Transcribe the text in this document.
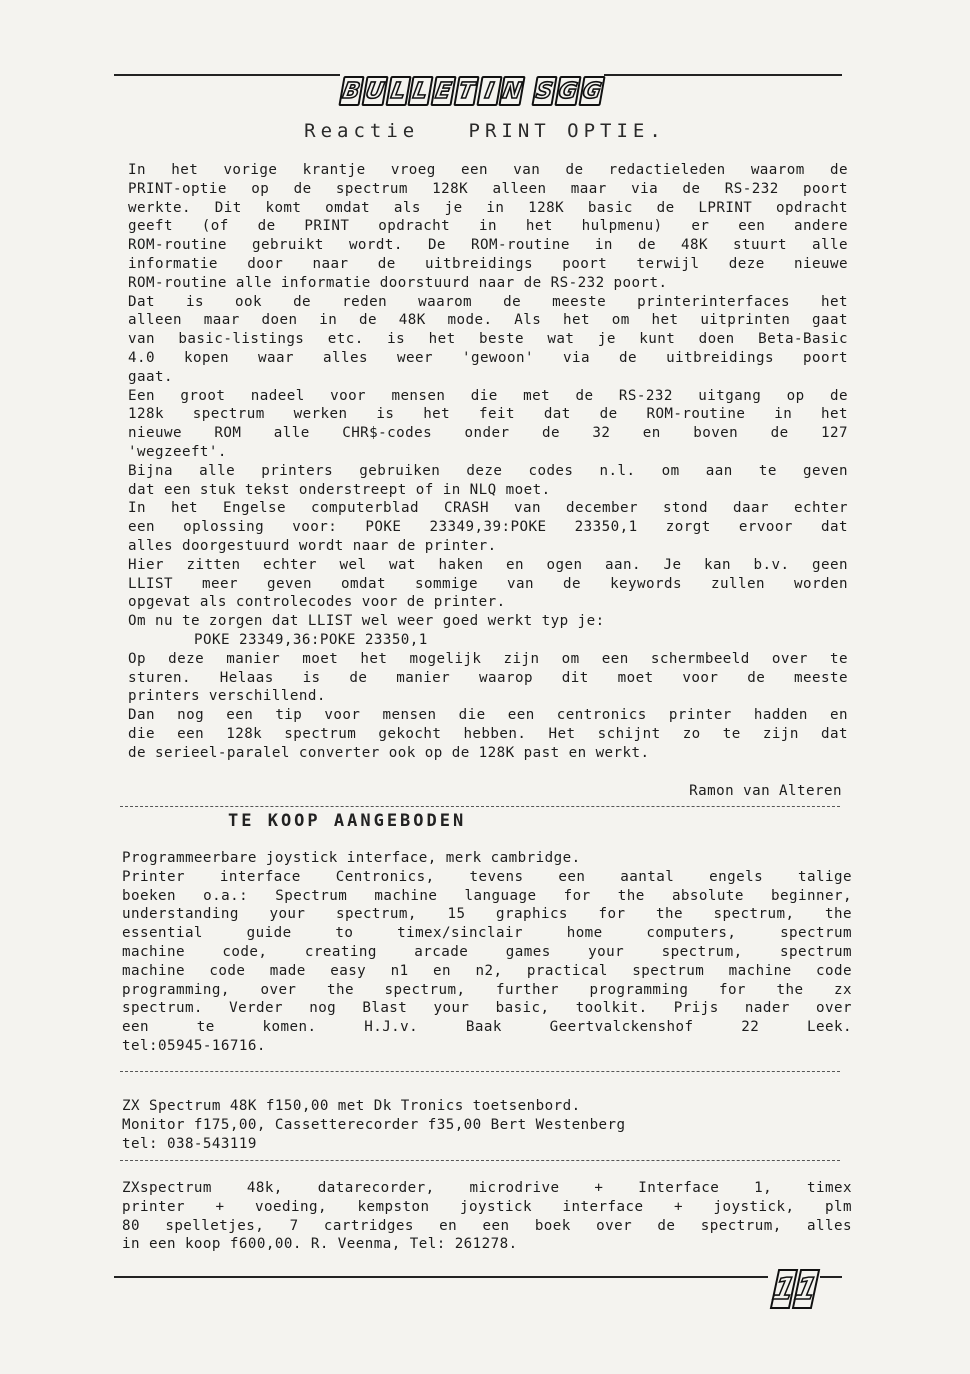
B U L L E T I N S G G
Reactie   PRINT OPTIE.
In het vorige krantje vroeg een van de redactieleden waarom de
PRINT-optie op de spectrum 128K alleen maar via de RS-232 poort
werkte. Dit komt omdat als je in 128K basic de LPRINT opdracht
geeft (of de PRINT opdracht in het hulpmenu) er een andere
ROM-routine gebruikt wordt. De ROM-routine in de 48K stuurt alle
informatie door naar de uitbreidings poort terwijl deze nieuwe
ROM-routine alle informatie doorstuurd naar de RS-232 poort.
Dat is ook de reden waarom de meeste printerinterfaces het
alleen maar doen in de 48K mode. Als het om het uitprinten gaat
van basic-listings etc. is het beste wat je kunt doen Beta-Basic
4.0 kopen waar alles weer 'gewoon' via de uitbreidings poort
gaat.
Een groot nadeel voor mensen die met de RS-232 uitgang op de
128k spectrum werken is het feit dat de ROM-routine in het
nieuwe ROM alle CHR$-codes onder de 32 en boven de 127
'wegzeeft'.
Bijna alle printers gebruiken deze codes n.l. om aan te geven
dat een stuk tekst onderstreept of in NLQ moet.
In het Engelse computerblad CRASH van december stond daar echter
een oplossing voor: POKE 23349,39:POKE 23350,1 zorgt ervoor dat
alles doorgestuurd wordt naar de printer.
Hier zitten echter wel wat haken en ogen aan. Je kan b.v. geen
LLIST meer geven omdat sommige van de keywords zullen worden
opgevat als controlecodes voor de printer.
Om nu te zorgen dat LLIST wel weer goed werkt typ je:
POKE 23349,36:POKE 23350,1
Op deze manier moet het mogelijk zijn om een schermbeeld over te
sturen. Helaas is de manier waarop dit moet voor de meeste
printers verschillend.
Dan nog een tip voor mensen die een centronics printer hadden en
die een 128k spectrum gekocht hebben. Het schijnt zo te zijn dat
de serieel-paralel converter ook op de 128K past en werkt.
Ramon van Alteren
TE KOOP AANGEBODEN
Programmeerbare joystick interface, merk cambridge.
Printer interface Centronics, tevens een aantal engels talige
boeken o.a.: Spectrum machine language for the absolute beginner,
understanding your spectrum, 15 graphics for the spectrum, the
essential guide to timex/sinclair home computers, spectrum
machine code, creating arcade games your spectrum, spectrum
machine code made easy n1 en n2, practical spectrum machine code
programming, over the spectrum, further programming for the zx
spectrum. Verder nog Blast your basic, toolkit. Prijs nader over
een te komen. H.J.v. Baak Geertvalckenshof 22 Leek.
tel:05945-16716.
ZX Spectrum 48K f150,00 met Dk Tronics toetsenbord.
Monitor f175,00, Cassetterecorder f35,00 Bert Westenberg
tel: 038-543119
ZXspectrum 48k, datarecorder, microdrive + Interface 1, timex
printer + voeding, kempston joystick interface + joystick, plm
80 spelletjes, 7 cartridges en een boek over de spectrum, alles
in een koop f600,00. R. Veenma, Tel: 261278.
1
1
